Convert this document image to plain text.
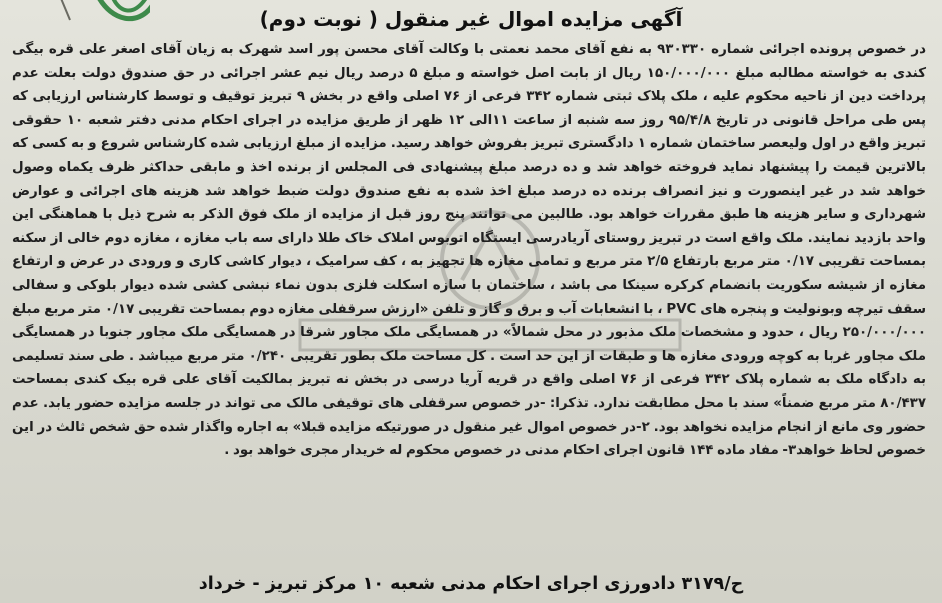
آگهی مزایده اموال غیر منقول ( نوبت دوم)

در خصوص پرونده اجرائی شماره ۹۳۰۳۳۰ به نفع آقای محمد نعمتی با وکالت آقای محسن پور اسد شهرک به زیان آقای اصغر علی قره بیگی کندی به خواسته مطالبه مبلغ ۱۵۰/۰۰۰/۰۰۰ ریال از بابت اصل خواسته و مبلغ ۵ درصد ریال نیم عشر اجرائی در حق صندوق دولت بعلت عدم پرداخت دین از ناحیه محکوم علیه ، ملک پلاک ثبتی شماره ۳۴۲ فرعی از ۷۶ اصلی واقع در بخش ۹ تبریز توقیف و توسط کارشناس ارزیابی که پس طی مراحل قانونی در تاریخ ۹۵/۴/۸ روز سه شنبه از ساعت ۱۱الی ۱۲ ظهر از طریق مزایده در اجرای احکام مدنی دفتر شعبه ۱۰ حقوقی تبریز واقع در اول ولیعصر ساختمان شماره ۱ دادگستری تبریز بفروش خواهد رسید. مزایده از مبلغ ارزیابی شده کارشناس شروع و به کسی که بالاترین قیمت را پیشنهاد نماید فروخته خواهد شد و ده درصد مبلغ پیشنهادی فی المجلس از برنده اخذ و مابقی حداکثر ظرف یکماه وصول خواهد شد در غیر اینصورت و نیز انصراف برنده ده درصد مبلغ اخذ شده به نفع صندوق دولت ضبط خواهد شد هزینه های اجرائی و عوارض شهرداری و سایر هزینه ها طبق مقررات خواهد بود. طالبین می توانند پنج روز قبل از مزایده از ملک فوق الذکر به شرح ذیل با هماهنگی این واحد بازدید نمایند. ملک واقع است در تبریز روستای آریادرسی ایستگاه اتوبوس املاک خاک طلا دارای سه باب مغازه ، مغازه دوم خالی از سکنه بمساحت تقریبی ۰/۱۷ متر مربع بارتفاع ۲/۵ متر مربع و تمامی مغازه ها تجهیز به ، کف سرامیک ، دیوار کاشی کاری و ورودی در عرض و ارتفاع مغازه از شیشه سکوریت بانضمام کرکره سینکا می باشد ، ساختمان با سازه اسکلت فلزی بدون نماء نبشی کشی شده دیوار بلوکی و سفالی سقف تیرچه وبونولیت و پنجره های PVC ، با انشعابات آب و برق و گاز و تلفن «ارزش سرقفلی مغازه دوم بمساحت تقریبی ۰/۱۷ متر مربع مبلغ ۲۵۰/۰۰۰/۰۰۰ ریال ، حدود و مشخصات ملک مذبور در محل شمالاً» در همسایگی ملک مجاور شرقا در همسایگی ملک مجاور جنوبا در همسایگی ملک مجاور غربا به کوچه ورودی مغازه ها و طبقات از این حد است . کل مساحت ملک بطور تقریبی ۰/۲۴۰ متر مربع میباشد . طی سند تسلیمی به دادگاه ملک به شماره پلاک ۳۴۲ فرعی از ۷۶ اصلی واقع در قریه آریا درسی در بخش نه تبریز بمالکیت آقای علی قره بیک کندی بمساحت ۸۰/۴۳۷ متر مربع ضمناً» سند با محل مطابقت ندارد. تذکرا: -در خصوص سرقفلی های توقیفی مالک می تواند در جلسه مزایده حضور یابد. عدم حضور وی مانع از انجام مزایده نخواهد بود. ۲-در خصوص اموال غیر منقول در صورتیکه مزایده قبلا» به اجاره واگذار شده حق شخص ثالث در این خصوص لحاظ خواهد۳- مفاد ماده ۱۴۴ قانون اجرای احکام مدنی در خصوص محکوم له خریدار مجری خواهد بود .

ح/۳۱۷۹ دادورزی اجرای احکام مدنی شعبه ۱۰ مرکز تبریز - خرداد
